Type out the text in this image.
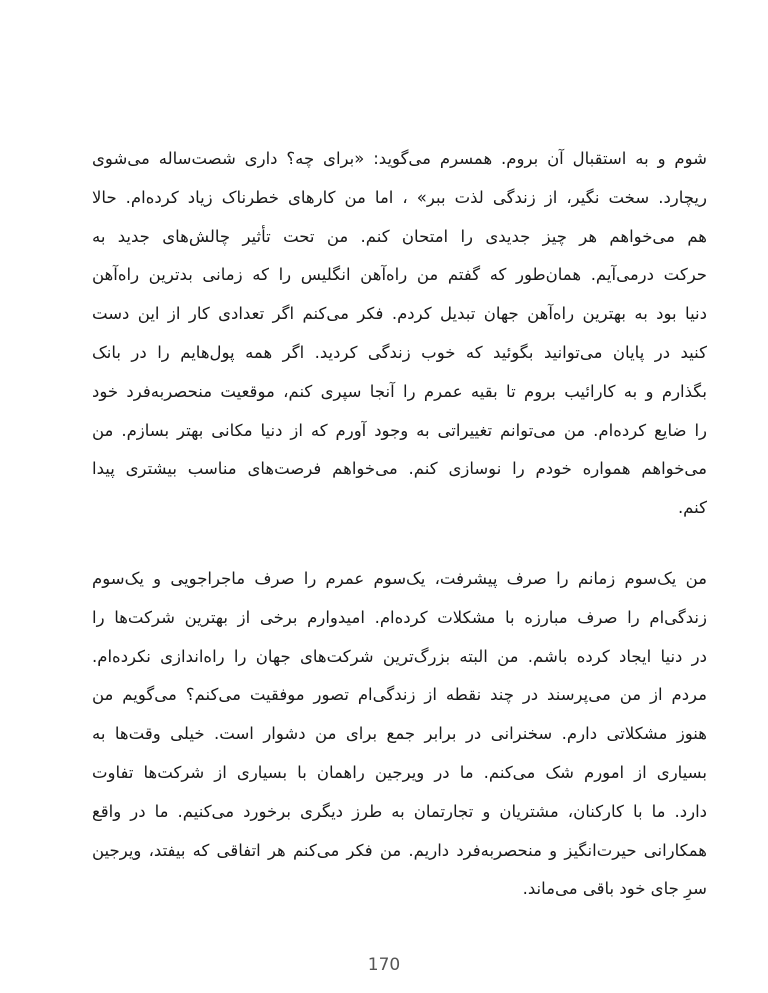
شوم و به استقبال آن بروم. همسرم می‌گوید: «برای چه؟ داری شصت‌ساله می‌شوی
ریچارد. سخت نگیر، از زندگی لذت ببر» ، اما من کارهای خطرناک زیاد کرده‌ام. حالا
هم می‌خواهم هر چیز جدیدی را امتحان کنم. من تحت تأثیر چالش‌های جدید به
حرکت درمی‌آیم. همان‌طور که گفتم من راه‌آهن انگلیس را که زمانی بدترین راه‌آهن
دنیا بود به بهترین راه‌آهن جهان تبدیل کردم. فکر می‌کنم اگر تعدادی کار از این دست
کنید در پایان می‌توانید بگوئید که خوب زندگی کردید. اگر همه پول‌هایم را در بانک
بگذارم و به کارائیب بروم تا بقیه عمرم را آنجا سپری کنم، موقعیت منحصربه‌فرد خود
را ضایع کرده‌ام. من می‌توانم تغییراتی به وجود آورم که از دنیا مکانی بهتر بسازم. من
می‌خواهم همواره خودم را نوسازی کنم. می‌خواهم فرصت‌های مناسب بیشتری پیدا
کنم.
من یک‌سوم زمانم را صرف پیشرفت، یک‌سوم عمرم را صرف ماجراجویی و یک‌سوم
زندگی‌ام را صرف مبارزه با مشکلات کرده‌ام. امیدوارم برخی از بهترین شرکت‌ها را
در دنیا ایجاد کرده باشم. من البته بزرگ‌ترین شرکت‌های جهان را راه‌اندازی نکرده‌ام.
مردم از من می‌پرسند در چند نقطه از زندگی‌ام تصور موفقیت می‌کنم؟ می‌گویم من
هنوز مشکلاتی دارم. سخنرانی در برابر جمع برای من دشوار است. خیلی وقت‌ها به
بسیاری از امورم شک می‌کنم. ما در ویرجین راهمان با بسیاری از شرکت‌ها تفاوت
دارد. ما با کارکنان، مشتریان و تجارتمان به طرز دیگری برخورد می‌کنیم. ما در واقع
همکارانی حیرت‌انگیز و منحصربه‌فرد داریم. من فکر می‌کنم هر اتفاقی که بیفتد، ویرجین
سرِ جای خود باقی می‌ماند.
170
